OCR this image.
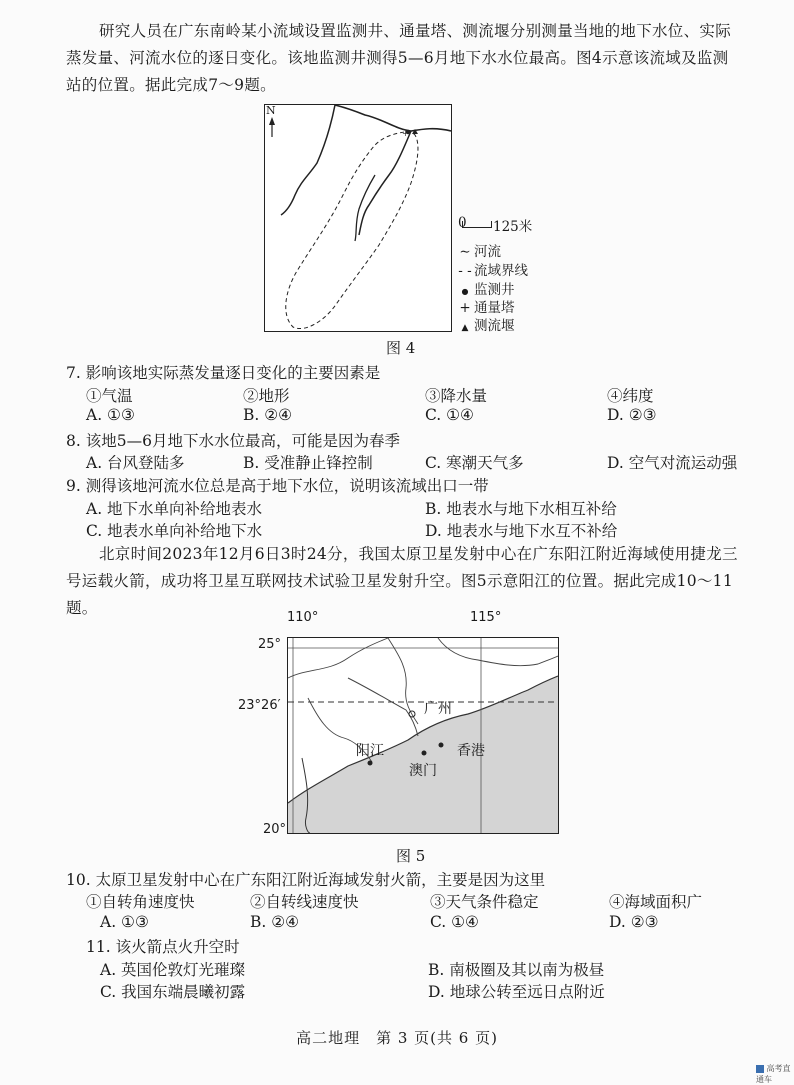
研究人员在广东南岭某小流域设置监测井、通量塔、测流堰分别测量当地的地下水位、实际蒸发量、河流水位的逐日变化。该地监测井测得5—6月地下水水位最高。图4示意该流域及监测站的位置。据此完成7～9题。

+
N
0 125米
∼ 河流
- - 流域界线
● 监测井
+ 通量塔
▲ 测流堰
图 4
7. 影响该地实际蒸发量逐日变化的主要因素是
①气温	②地形	③降水量	④纬度
A. ①③	B. ②④	C. ①④	D. ②③
8. 该地5—6月地下水水位最高，可能是因为春季
A. 台风登陆多	B. 受准静止锋控制	C. 寒潮天气多	D. 空气对流运动强
9. 测得该地河流水位总是高于地下水位，说明该流域出口一带
A. 地下水单向补给地表水	B. 地表水与地下水相互补给
C. 地表水单向补给地下水	D. 地表水与地下水互不补给

北京时间2023年12月6日3时24分，我国太原卫星发射中心在广东阳江附近海域使用捷龙三号运载火箭，成功将卫星互联网技术试验卫星发射升空。图5示意阳江的位置。据此完成10～11题。

110°	115°
25°
23°26′
20°
广州
阳江
澳门
香港
图 5
10. 太原卫星发射中心在广东阳江附近海域发射火箭，主要是因为这里
①自转角速度快	②自转线速度快	③天气条件稳定	④海域面积广
A. ①③	B. ②④	C. ①④	D. ②③
11. 该火箭点火升空时
A. 英国伦敦灯光璀璨	B. 南极圈及其以南为极昼
C. 我国东端晨曦初露	D. 地球公转至远日点附近
高二地理　第 3 页(共 6 页)
高考直通车
